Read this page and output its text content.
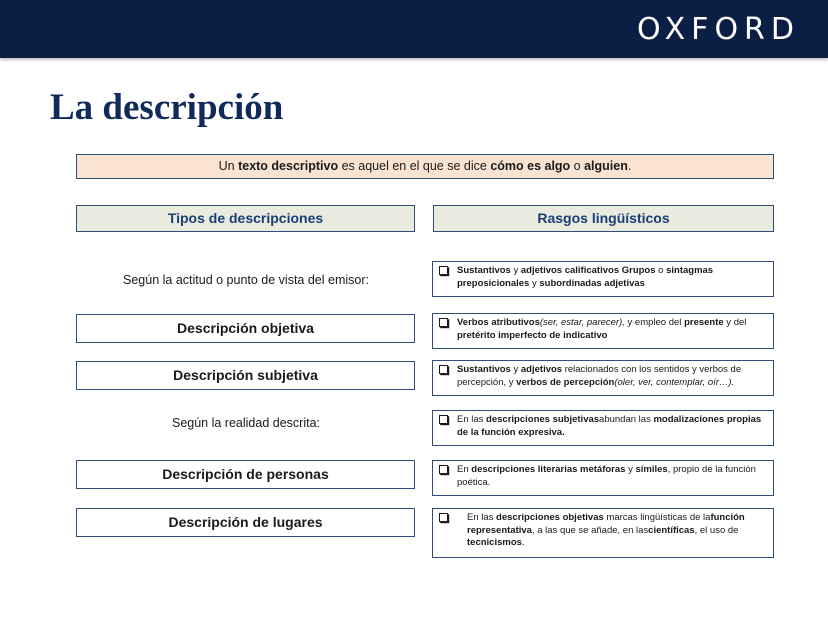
OXFORD
La descripción
Un texto descriptivo es aquel en el que se dice cómo es algo o alguien.
Tipos de descripciones	Rasgos lingüísticos
Según la actitud o punto de vista del emisor:
Descripción objetiva
Descripción subjetiva
Según la realidad descrita:
Descripción de personas
Descripción de lugares
Sustantivos y adjetivos calificativos Grupos o sintagmas preposicionales y subordinadas adjetivas
Verbos atributivos(ser, estar, parecer), y empleo del presente y del pretérito imperfecto de indicativo
Sustantivos y adjetivos relacionados con los sentidos y verbos de percepción, y verbos de percepción(oler, ver, contemplar, oír…).
En las descripciones subjetivasabundan las modalizaciones propias de la función expresiva.
En descripciones literarias metáforas y símiles, propio de la función poética.
En las descripciones objetivas marcas lingüísticas de lafunción representativa, a las que se añade, en lascientíficas, el uso de tecnicismos.
